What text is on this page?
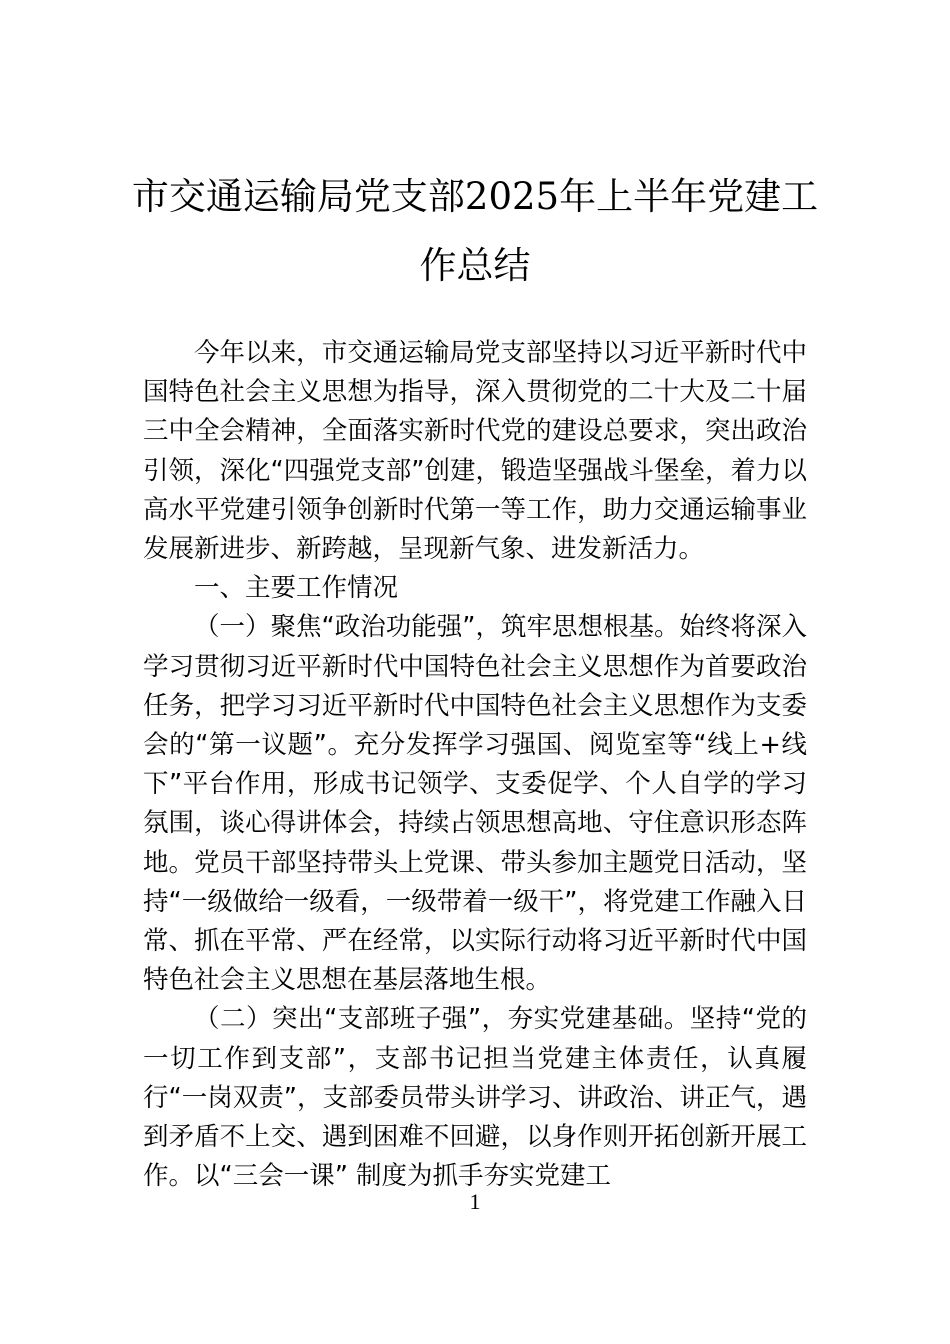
市交通运输局党支部2025年上半年党建工
作总结

今年以来，市交通运输局党支部坚持以习近平新时代中国特色社会主义思想为指导，深入贯彻党的二十大及二十届三中全会精神，全面落实新时代党的建设总要求，突出政治引领，深化“四强党支部”创建，锻造坚强战斗堡垒，着力以高水平党建引领争创新时代第一等工作，助力交通运输事业发展新进步、新跨越，呈现新气象、进发新活力。

一、主要工作情况

（一）聚焦“政治功能强”，筑牢思想根基。始终将深入学习贯彻习近平新时代中国特色社会主义思想作为首要政治任务，把学习习近平新时代中国特色社会主义思想作为支委会的“第一议题”。充分发挥学习强国、阅览室等“线上+线下”平台作用，形成书记领学、支委促学、个人自学的学习氛围，谈心得讲体会，持续占领思想高地、守住意识形态阵地。党员干部坚持带头上党课、带头参加主题党日活动，坚持“一级做给一级看，一级带着一级干”，将党建工作融入日常、抓在平常、严在经常，以实际行动将习近平新时代中国特色社会主义思想在基层落地生根。

（二）突出“支部班子强”，夯实党建基础。坚持“党的一切工作到支部”，支部书记担当党建主体责任，认真履行“一岗双责”，支部委员带头讲学习、讲政治、讲正气，遇到矛盾不上交、遇到困难不回避，以身作则开拓创新开展工作。以“三会一课” 制度为抓手夯实党建工

1
